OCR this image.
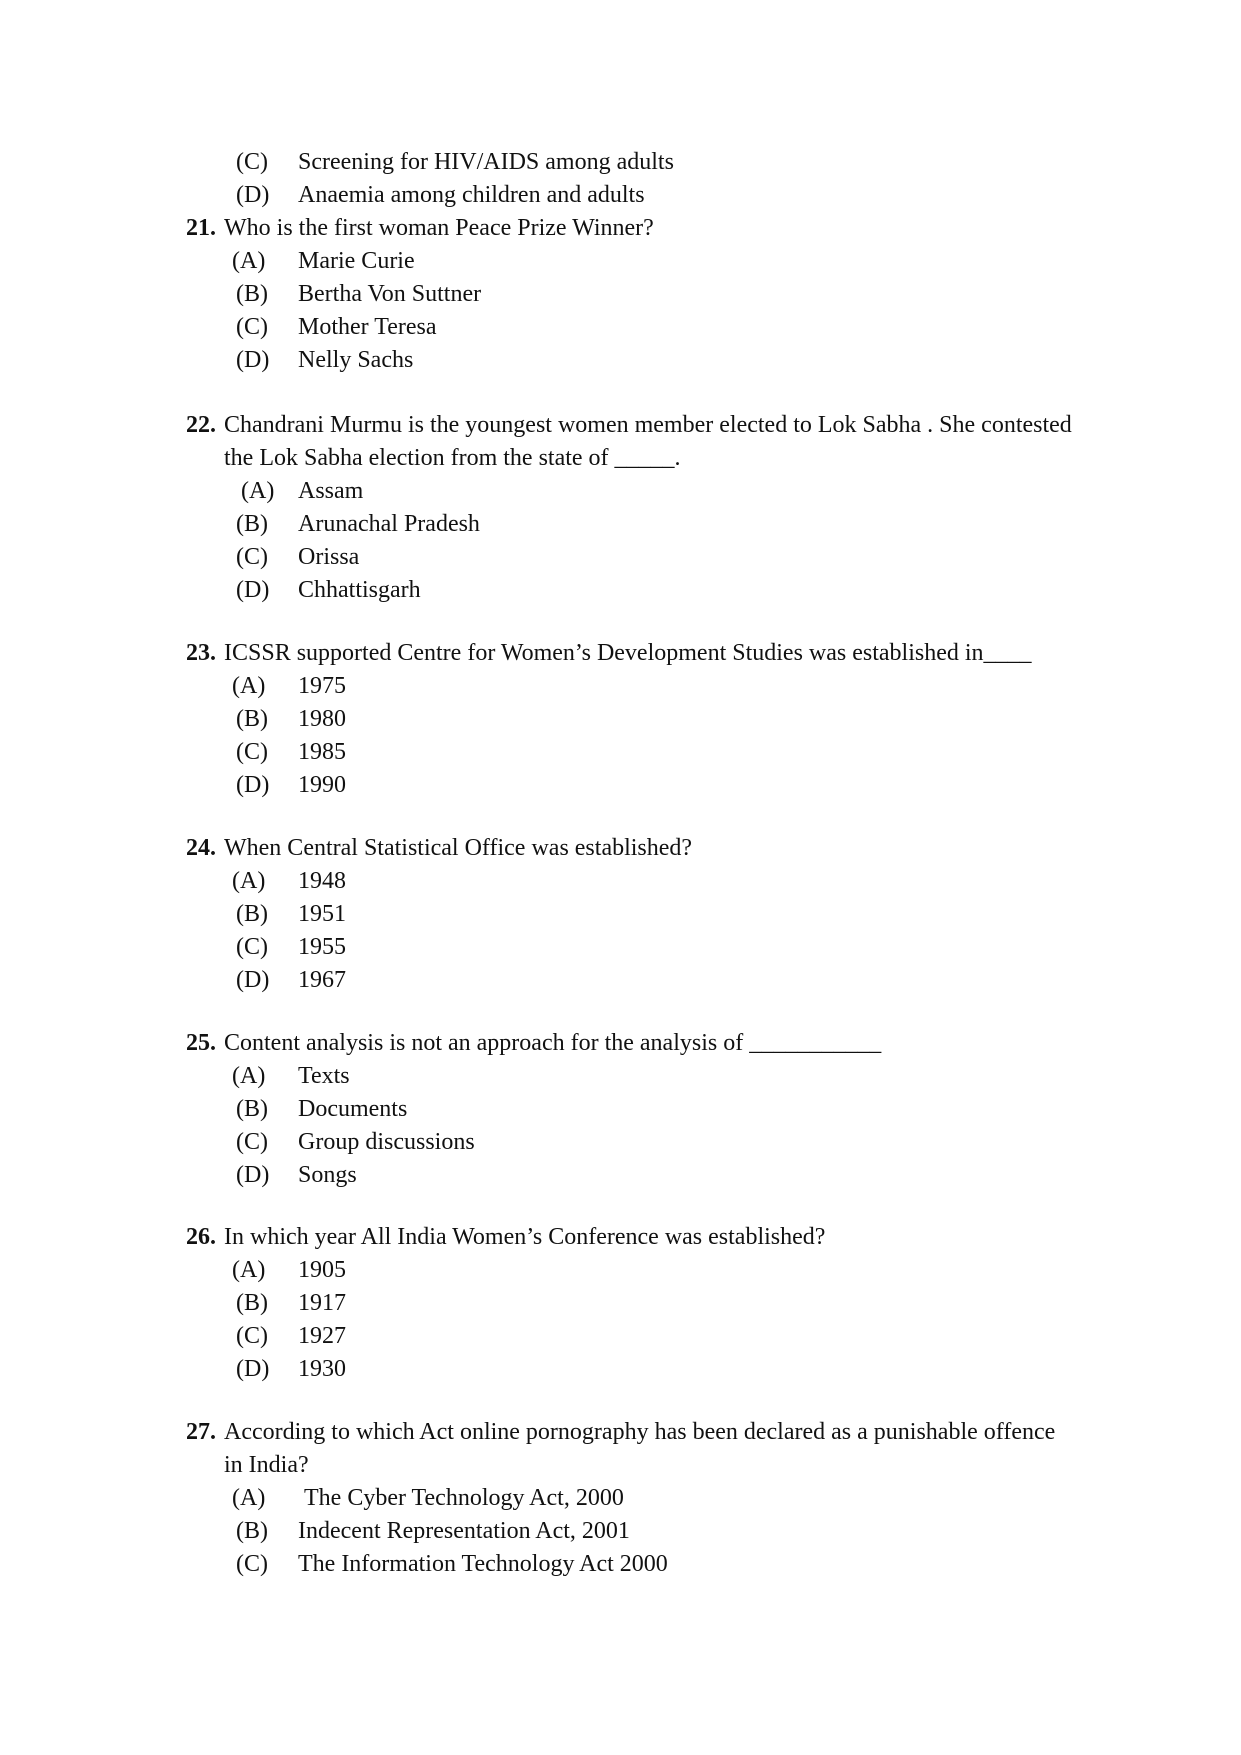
(C) Screening for HIV/AIDS among adults
(D) Anaemia among children and adults
21. Who is the first woman Peace Prize Winner?
(A) Marie Curie
(B) Bertha Von Suttner
(C) Mother Teresa
(D) Nelly Sachs
22. Chandrani Murmu is the youngest women member elected to Lok Sabha . She contested
the Lok Sabha election from the state of _____.
(A) Assam
(B) Arunachal Pradesh
(C) Orissa
(D) Chhattisgarh
23. ICSSR supported Centre for Women’s Development Studies was established in____
(A) 1975
(B) 1980
(C) 1985
(D) 1990
24. When Central Statistical Office was established?
(A) 1948
(B) 1951
(C) 1955
(D) 1967
25. Content analysis is not an approach for the analysis of ___________
(A) Texts
(B) Documents
(C) Group discussions
(D) Songs
26. In which year All India Women’s Conference was established?
(A) 1905
(B) 1917
(C) 1927
(D) 1930
27. According to which Act online pornography has been declared as a punishable offence
in India?
(A) The Cyber Technology Act, 2000
(B) Indecent Representation Act, 2001
(C) The Information Technology Act 2000
